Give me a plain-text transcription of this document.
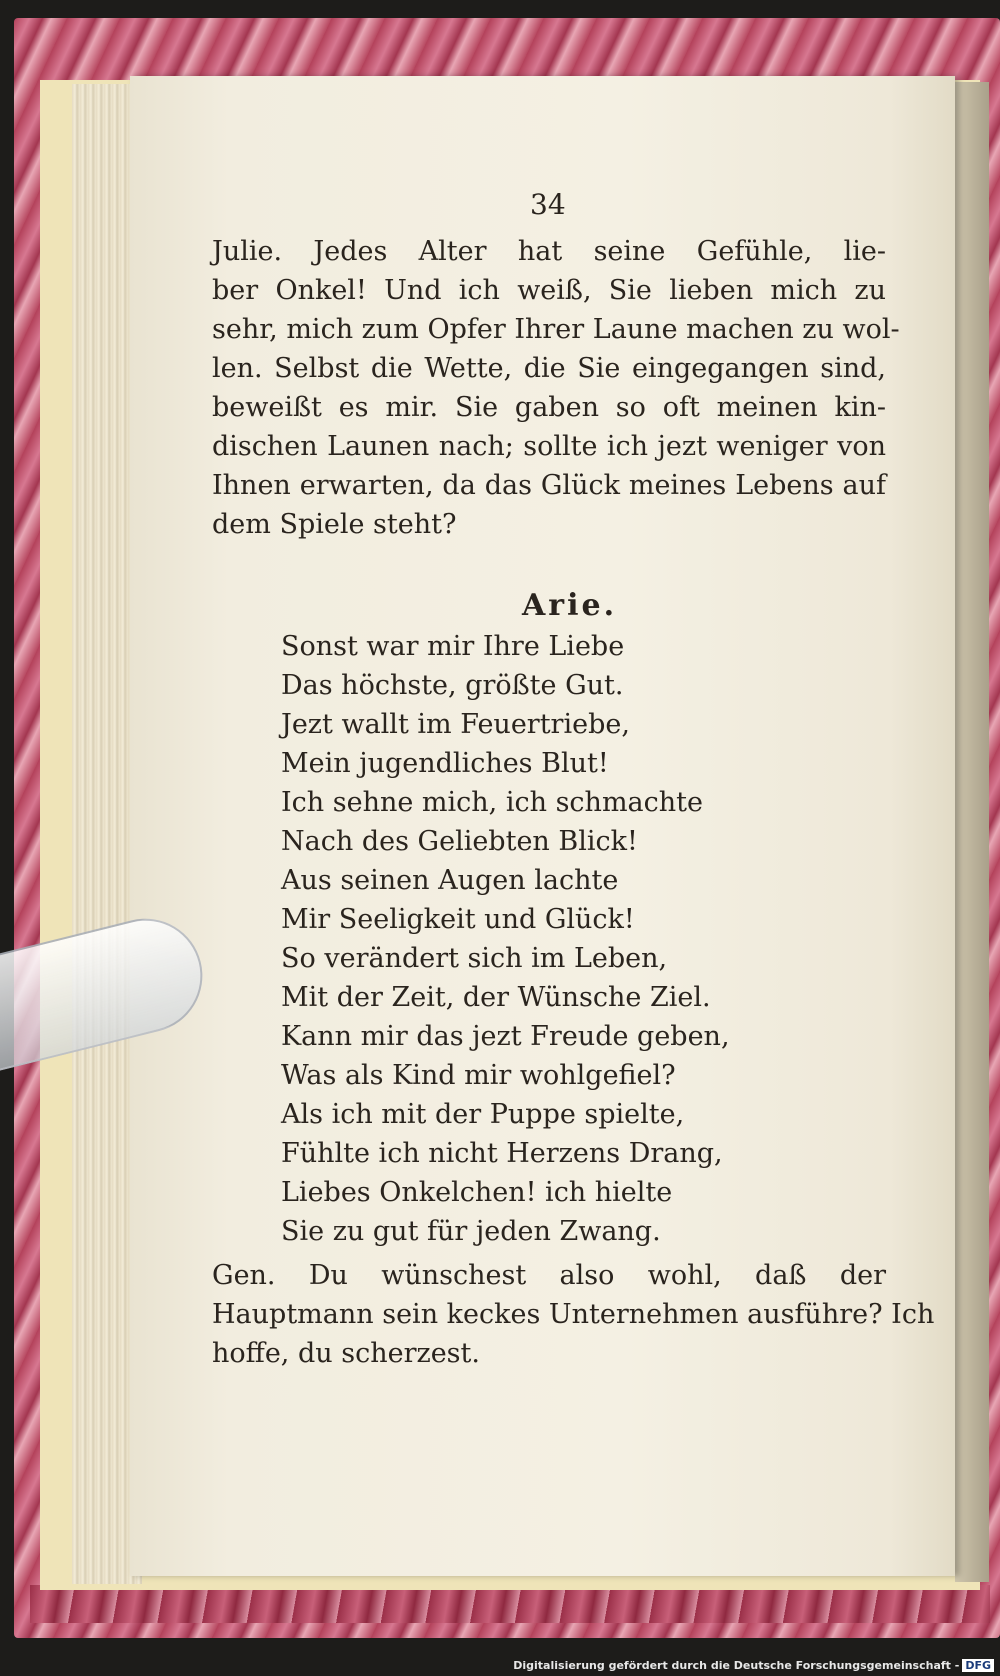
34
Julie. Jedes Alter hat seine Gefühle, lie-
ber Onkel! Und ich weiß, Sie lieben mich zu
sehr, mich zum Opfer Ihrer Laune machen zu wol-
len. Selbst die Wette, die Sie eingegangen sind,
beweißt es mir. Sie gaben so oft meinen kin-
dischen Launen nach; sollte ich jezt weniger von
Ihnen erwarten, da das Glück meines Lebens auf
dem Spiele steht?
Arie.
Sonst war mir Ihre Liebe
Das höchste, größte Gut.
Jezt wallt im Feuertriebe,
Mein jugendliches Blut!
Ich sehne mich, ich schmachte
Nach des Geliebten Blick!
Aus seinen Augen lachte
Mir Seeligkeit und Glück!
So verändert sich im Leben,
Mit der Zeit, der Wünsche Ziel.
Kann mir das jezt Freude geben,
Was als Kind mir wohlgefiel?
Als ich mit der Puppe spielte,
Fühlte ich nicht Herzens Drang,
Liebes Onkelchen! ich hielte
Sie zu gut für jeden Zwang.
Gen. Du wünschest also wohl, daß der
Hauptmann sein keckes Unternehmen ausführe? Ich
hoffe, du scherzest.
Digitalisierung gefördert durch die Deutsche Forschungsgemeinschaft - DFG
